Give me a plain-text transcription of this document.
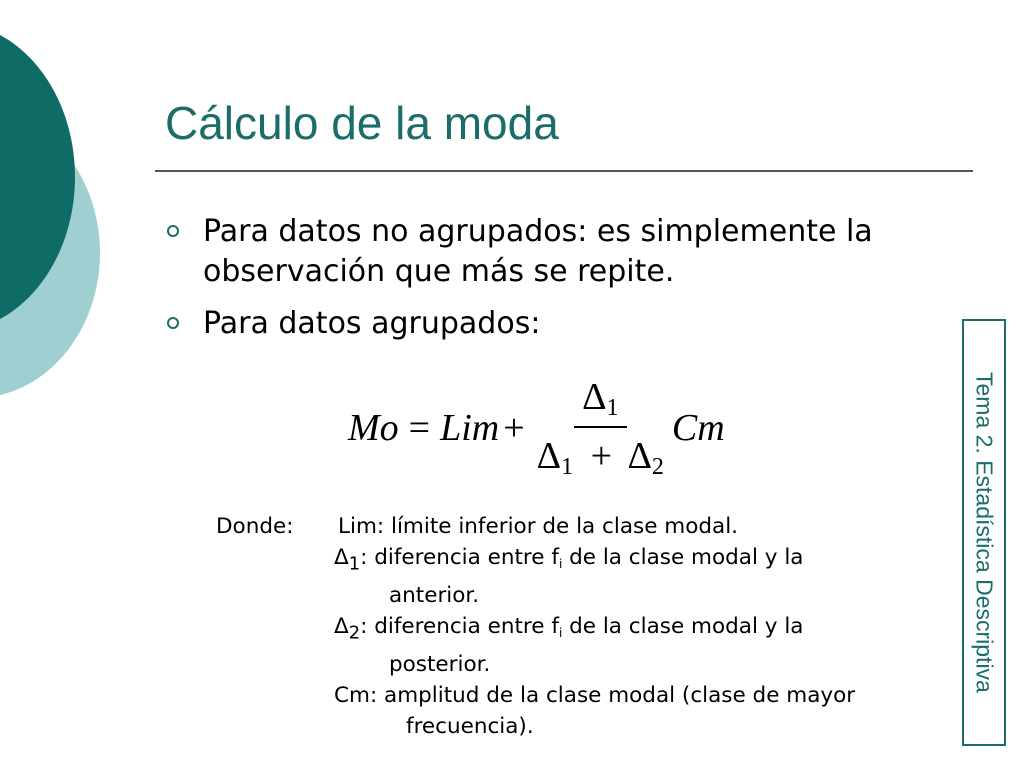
Cálculo de la moda
Para datos no agrupados: es simplemente la observación que más se repite.
Para datos agrupados:
Mo = Lim + $\frac{\Delta_1}{\Delta_1 + \Delta_2}$ Cm
Donde: Lim: límite inferior de la clase modal.
$\Delta_1$: diferencia entre fi de la clase modal y la
anterior.
$\Delta_2$: diferencia entre fi de la clase modal y la
posterior.
Cm: amplitud de la clase modal (clase de mayor
frecuencia).
Tema 2. Estadística Descriptiva
